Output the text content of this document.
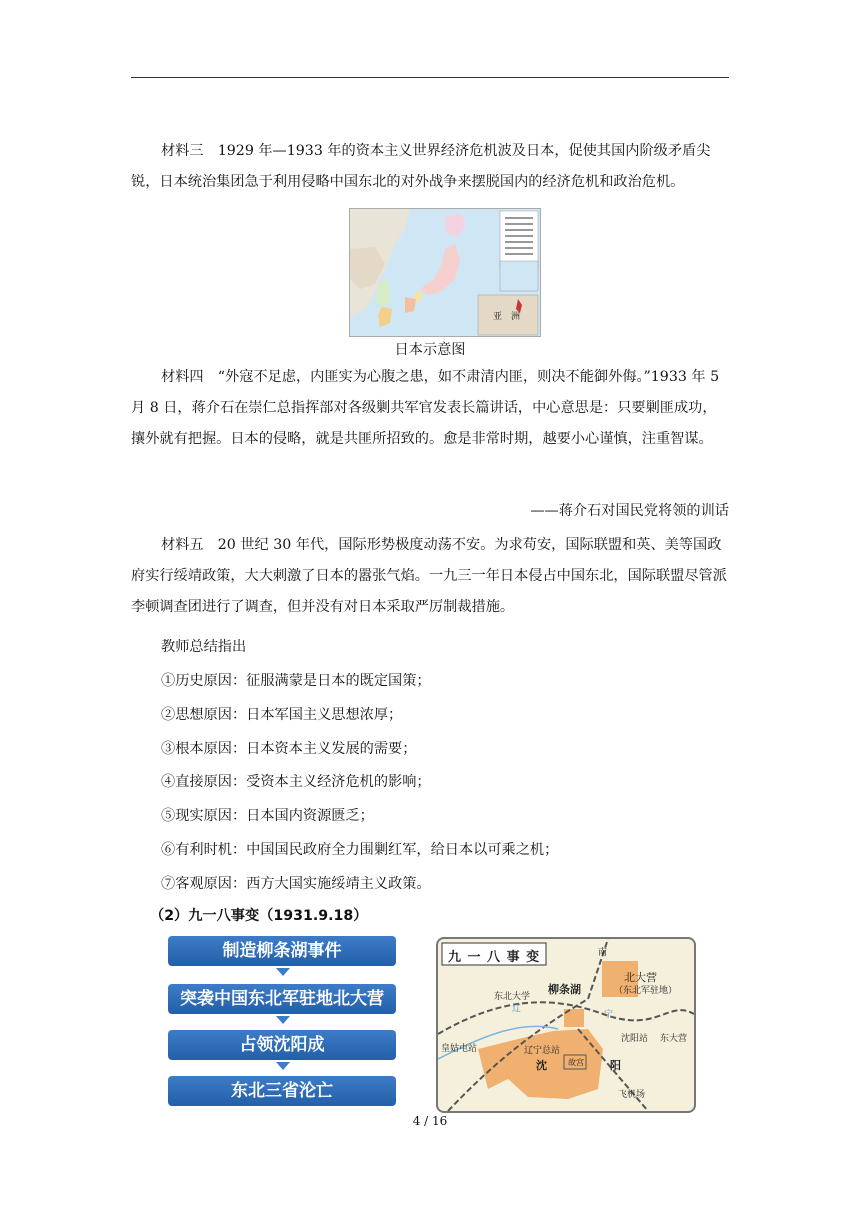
材料三　1929 年—1933 年的资本主义世界经济危机波及日本，促使其国内阶级矛盾尖锐，日本统治集团急于利用侵略中国东北的对外战争来摆脱国内的经济危机和政治危机。
亚　洲
日本示意图
材料四　“外寇不足虑，内匪实为心腹之患，如不肃清内匪，则决不能御外侮。”1933 年 5 月 8 日，蒋介石在崇仁总指挥部对各级剿共军官发表长篇讲话，中心意思是：只要剿匪成功，攘外就有把握。日本的侵略，就是共匪所招致的。愈是非常时期，越要小心谨慎，注重智谋。
——蒋介石对国民党将领的训话
材料五　20 世纪 30 年代，国际形势极度动荡不安。为求苟安，国际联盟和英、美等国政府实行绥靖政策，大大刺激了日本的嚣张气焰。一九三一年日本侵占中国东北，国际联盟尽管派李顿调查团进行了调查，但并没有对日本采取严厉制裁措施。
教师总结指出
①历史原因：征服满蒙是日本的既定国策；
②思想原因：日本军国主义思想浓厚；
③根本原因：日本资本主义发展的需要；
④直接原因：受资本主义经济危机的影响；
⑤现实原因：日本国内资源匮乏；
⑥有利时机：中国国民政府全力围剿红军，给日本以可乘之机；
⑦客观原因：西方大国实施绥靖主义政策。
（2）九一八事变（1931.9.18）
制造柳条湖事件
突袭中国东北军驻地北大营
占领沈阳成
东北三省沦亡
九 一 八 事 变
柳条湖
北大营
（东北军驻地）
东北大学
沈阳站 东大营
皇姑屯站	辽宁总站
沈	阳
故宫
飞机场
辽
宁
南
4 / 16
